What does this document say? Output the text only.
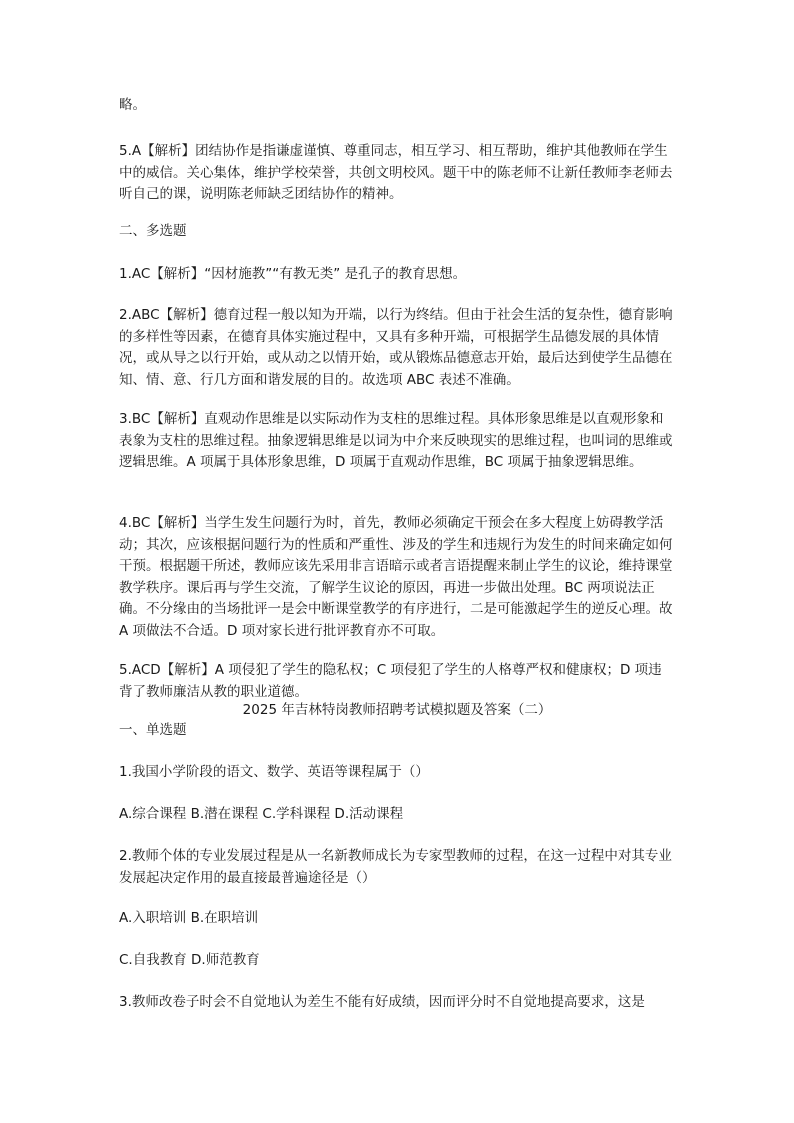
略。
5.A【解析】团结协作是指谦虚谨慎、尊重同志，相互学习、相互帮助，维护其他教师在学生中的威信。关心集体，维护学校荣誉，共创文明校风。题干中的陈老师不让新任教师李老师去听自己的课，说明陈老师缺乏团结协作的精神。
二、多选题
1.AC【解析】“因材施教”“有教无类” 是孔子的教育思想。
2.ABC【解析】德育过程一般以知为开端，以行为终结。但由于社会生活的复杂性，德育影响的多样性等因素，在德育具体实施过程中，又具有多种开端，可根据学生品德发展的具体情况，或从导之以行开始，或从动之以情开始，或从锻炼品德意志开始，最后达到使学生品德在知、情、意、行几方面和谐发展的目的。故选项 ABC 表述不准确。
3.BC【解析】直观动作思维是以实际动作为支柱的思维过程。具体形象思维是以直观形象和表象为支柱的思维过程。抽象逻辑思维是以词为中介来反映现实的思维过程，也叫词的思维或逻辑思维。A 项属于具体形象思维，D 项属于直观动作思维，BC 项属于抽象逻辑思维。
4.BC【解析】当学生发生问题行为时，首先，教师必须确定干预会在多大程度上妨碍教学活动；其次，应该根据问题行为的性质和严重性、涉及的学生和违规行为发生的时间来确定如何干预。根据题干所述，教师应该先采用非言语暗示或者言语提醒来制止学生的议论，维持课堂教学秩序。课后再与学生交流，了解学生议论的原因，再进一步做出处理。BC 两项说法正确。不分缘由的当场批评一是会中断课堂教学的有序进行，二是可能激起学生的逆反心理。故 A 项做法不合适。D 项对家长进行批评教育亦不可取。
5.ACD【解析】A 项侵犯了学生的隐私权；C 项侵犯了学生的人格尊严权和健康权；D 项违背了教师廉洁从教的职业道德。
2025 年吉林特岗教师招聘考试模拟题及答案（二）
一、单选题
1.我国小学阶段的语文、数学、英语等课程属于（）
A.综合课程 B.潜在课程 C.学科课程 D.活动课程
2.教师个体的专业发展过程是从一名新教师成长为专家型教师的过程，在这一过程中对其专业发展起决定作用的最直接最普遍途径是（）
A.入职培训 B.在职培训
C.自我教育 D.师范教育
3.教师改卷子时会不自觉地认为差生不能有好成绩，因而评分时不自觉地提高要求，这是
